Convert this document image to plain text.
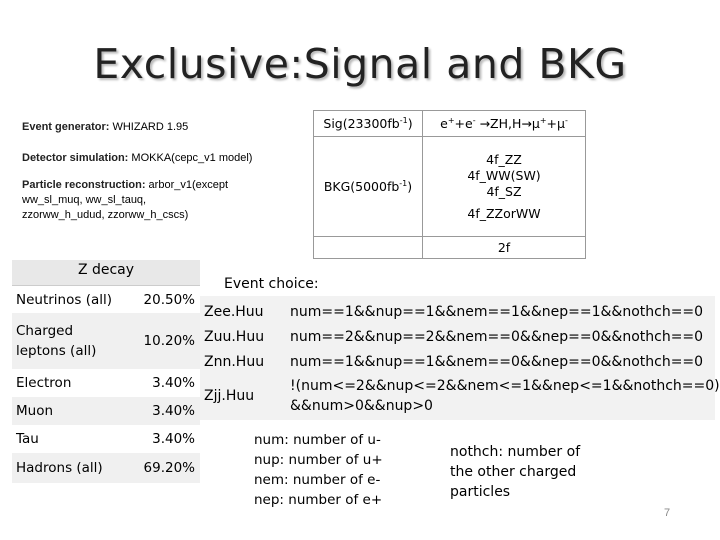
Exclusive:Signal and BKG
Event generator: WHIZARD 1.95
Detector simulation: MOKKA(cepc_v1 model)
Particle reconstruction: arbor_v1(except
ww_sl_muq, ww_sl_tauq,
zzorww_h_udud, zzorww_h_cscs)
$Sig(23300fb^{-1})$	e++e- →ZH,H→μ++μ-
$BKG(5000fb^{-1})$	4f_ZZ
4f_WW(SW)
4f_SZ
4f_ZZorWW

	2f
Z decay
Neutrinos (all) 20.50%
Charged leptons (all)
10.20%
Electron	3.40%
Muon	3.40%
Tau	3.40%
Hadrons (all)	69.20%
Event choice:
Zee.Huu num==1&&nup==1&&nem==1&&nep==1&&nothch==0
Zuu.Huu num==2&&nup==2&&nem==0&&nep==0&&nothch==0
Znn.Huu num==1&&nup==1&&nem==0&&nep==0&&nothch==0
Zjj.Huu
!(num<=2&&nup<=2&&nem<=1&&nep<=1&&nothch==0)
&&num>0&&nup>0
num: number of u-
nup: number of u+
nem: number of e-
nep: number of e+
nothch: number of
the other charged
particles
7
